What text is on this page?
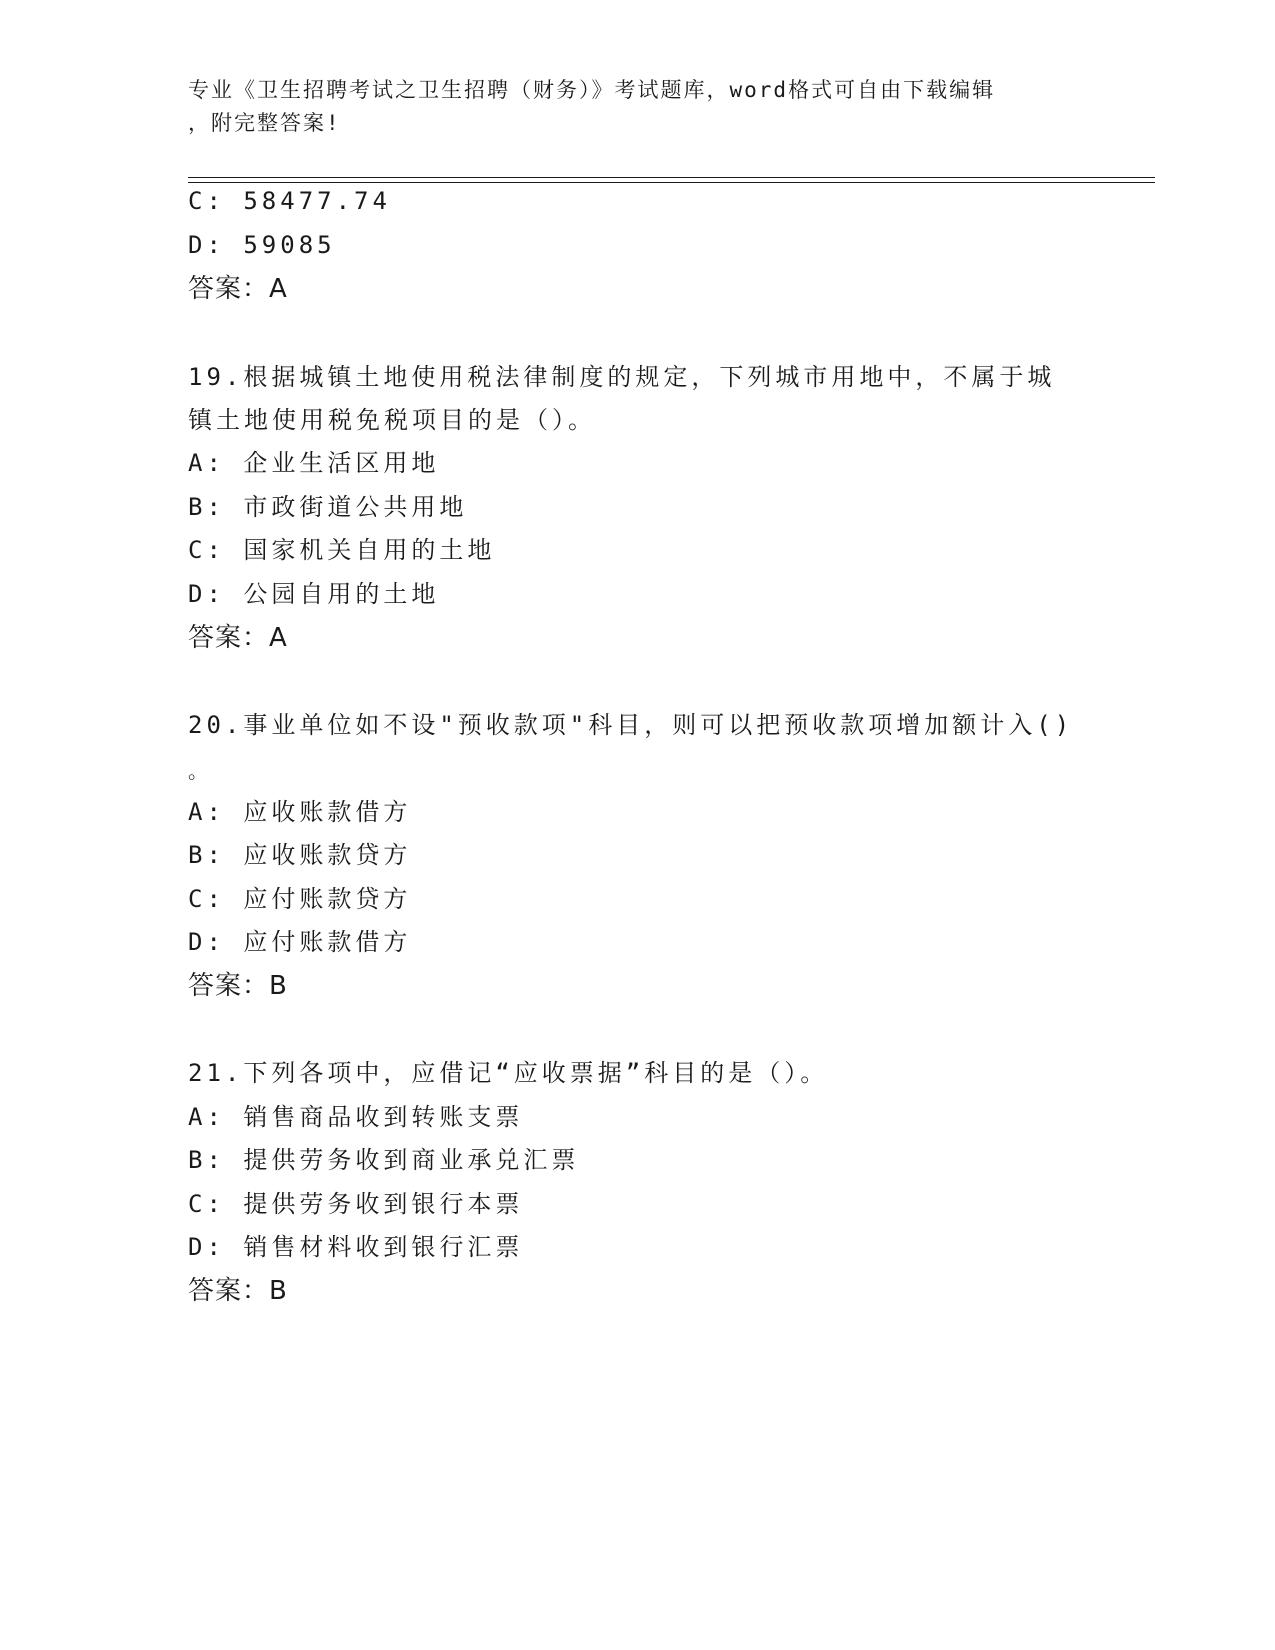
专业《卫生招聘考试之卫生招聘（财务）》考试题库，word格式可自由下载编辑
，附完整答案!
C: 58477.74
D: 59085
答案：A
19.根据城镇土地使用税法律制度的规定，下列城市用地中，不属于城
镇土地使用税免税项目的是（）。
A: 企业生活区用地
B: 市政街道公共用地
C: 国家机关自用的土地
D: 公园自用的土地
答案：A
20.事业单位如不设"预收款项"科目，则可以把预收款项增加额计入()
。
A: 应收账款借方
B: 应收账款贷方
C: 应付账款贷方
D: 应付账款借方
答案：B
21.下列各项中，应借记“应收票据”科目的是（）。
A: 销售商品收到转账支票
B: 提供劳务收到商业承兑汇票
C: 提供劳务收到银行本票
D: 销售材料收到银行汇票
答案：B
